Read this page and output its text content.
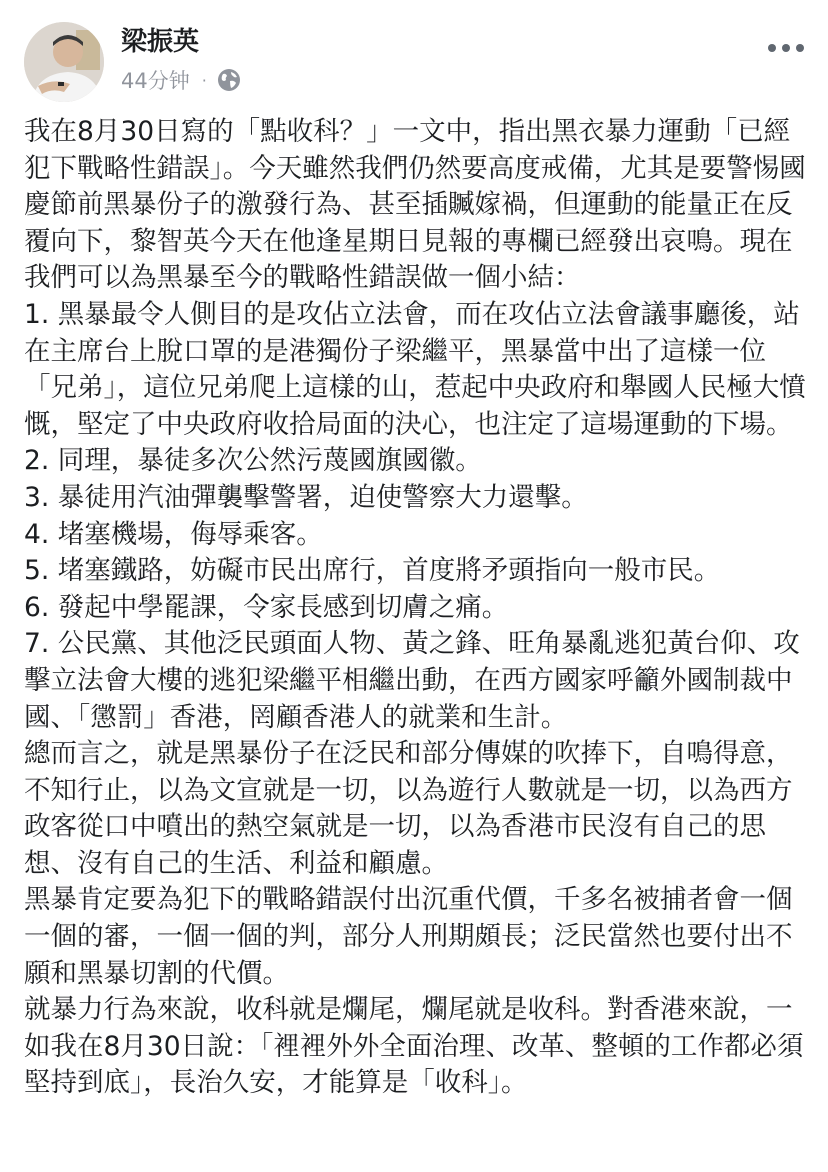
梁振英
44分钟 ·

我在8月30日寫的「點收科？」一文中，指出黑衣暴力運動「已經犯下戰略性錯誤」。今天雖然我們仍然要高度戒備，尤其是要警惕國慶節前黑暴份子的激發行為、甚至插贓嫁禍，但運動的能量正在反覆向下，黎智英今天在他逢星期日見報的專欄已經發出哀鳴。現在我們可以為黑暴至今的戰略性錯誤做一個小結：

1. 黑暴最令人側目的是攻佔立法會，而在攻佔立法會議事廳後，站在主席台上脫口罩的是港獨份子梁繼平，黑暴當中出了這樣一位「兄弟」，這位兄弟爬上這樣的山，惹起中央政府和舉國人民極大憤慨，堅定了中央政府收拾局面的決心，也注定了這場運動的下場。

2. 同理，暴徒多次公然污蔑國旗國徽。

3. 暴徒用汽油彈襲擊警署，迫使警察大力還擊。

4. 堵塞機場，侮辱乘客。

5. 堵塞鐵路，妨礙市民出席行，首度將矛頭指向一般市民。

6. 發起中學罷課，令家長感到切膚之痛。

7. 公民黨、其他泛民頭面人物、黃之鋒、旺角暴亂逃犯黃台仰、攻擊立法會大樓的逃犯梁繼平相繼出動，在西方國家呼籲外國制裁中國、「懲罰」香港，罔顧香港人的就業和生計。

總而言之，就是黑暴份子在泛民和部分傳媒的吹捧下，自鳴得意，不知行止，以為文宣就是一切，以為遊行人數就是一切，以為西方政客從口中噴出的熱空氣就是一切，以為香港市民沒有自己的思想、沒有自己的生活、利益和顧慮。

黑暴肯定要為犯下的戰略錯誤付出沉重代價，千多名被捕者會一個一個的審，一個一個的判，部分人刑期頗長；泛民當然也要付出不願和黑暴切割的代價。

就暴力行為來說，收科就是爛尾，爛尾就是收科。對香港來說，一如我在8月30日說：「裡裡外外全面治理、改革、整頓的工作都必須堅持到底」，長治久安，才能算是「收科」。
